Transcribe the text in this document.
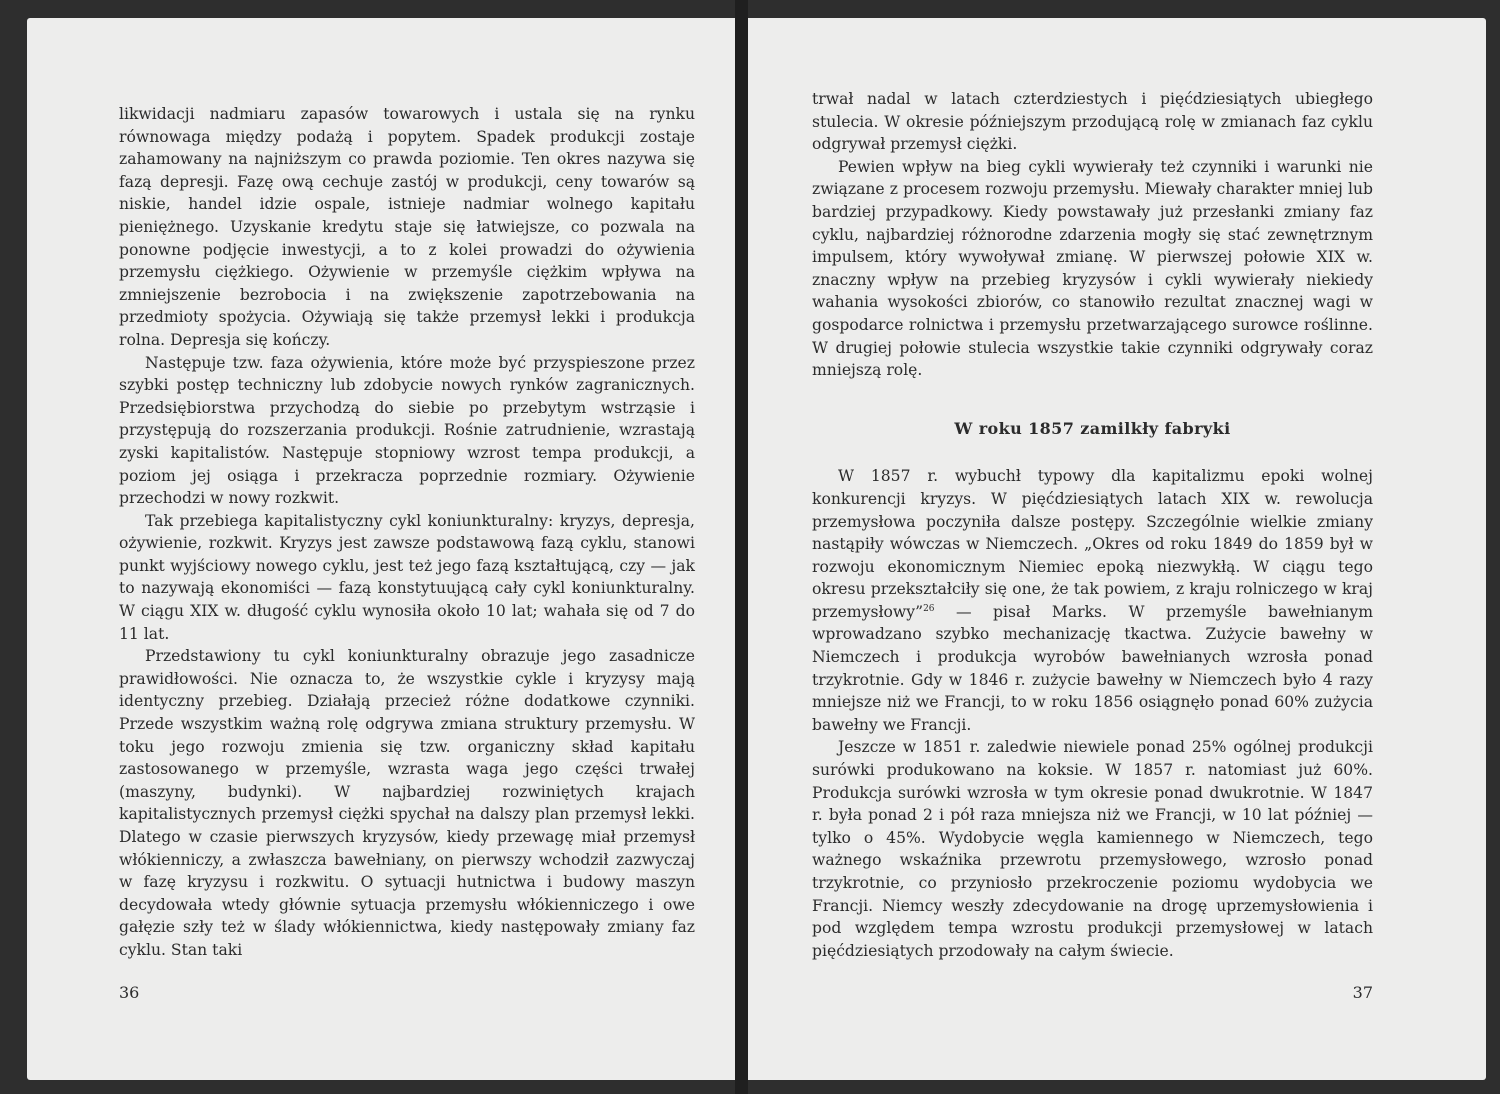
likwidacji nadmiaru zapasów towarowych i ustala się na rynku równowaga między podażą i popytem. Spadek produkcji zostaje zahamowany na najniższym co prawda poziomie. Ten okres nazywa się fazą depresji. Fazę ową cechuje zastój w produkcji, ceny towarów są niskie, handel idzie ospale, istnieje nadmiar wolnego kapitału pieniężnego. Uzyskanie kredytu staje się łatwiejsze, co pozwala na ponowne podjęcie inwestycji, a to z kolei prowadzi do ożywienia przemysłu ciężkiego. Ożywienie w przemyśle ciężkim wpływa na zmniejszenie bezrobocia i na zwiększenie zapotrzebowania na przedmioty spożycia. Ożywiają się także przemysł lekki i produkcja rolna. Depresja się kończy.

Następuje tzw. faza ożywienia, które może być przyspieszone przez szybki postęp techniczny lub zdobycie nowych rynków zagranicznych. Przedsiębiorstwa przychodzą do siebie po przebytym wstrząsie i przystępują do rozszerzania produkcji. Rośnie zatrudnienie, wzrastają zyski kapitalistów. Następuje stopniowy wzrost tempa produkcji, a poziom jej osiąga i przekracza poprzednie rozmiary. Ożywienie przechodzi w nowy rozkwit.

Tak przebiega kapitalistyczny cykl koniunkturalny: kryzys, depresja, ożywienie, rozkwit. Kryzys jest zawsze podstawową fazą cyklu, stanowi punkt wyjściowy nowego cyklu, jest też jego fazą kształtującą, czy — jak to nazywają ekonomiści — fazą konstytuującą cały cykl koniunkturalny. W ciągu XIX w. długość cyklu wynosiła około 10 lat; wahała się od 7 do 11 lat.

Przedstawiony tu cykl koniunkturalny obrazuje jego zasadnicze prawidłowości. Nie oznacza to, że wszystkie cykle i kryzysy mają identyczny przebieg. Działają przecież różne dodatkowe czynniki. Przede wszystkim ważną rolę odgrywa zmiana struktury przemysłu. W toku jego rozwoju zmienia się tzw. organiczny skład kapitału zastosowanego w przemyśle, wzrasta waga jego części trwałej (maszyny, budynki). W najbardziej rozwiniętych krajach kapitalistycznych przemysł ciężki spychał na dalszy plan przemysł lekki. Dlatego w czasie pierwszych kryzysów, kiedy przewagę miał przemysł włókienniczy, a zwłaszcza bawełniany, on pierwszy wchodził zazwyczaj w fazę kryzysu i rozkwitu. O sytuacji hutnictwa i budowy maszyn decydowała wtedy głównie sytuacja przemysłu włókienniczego i owe gałęzie szły też w ślady włókiennictwa, kiedy następowały zmiany faz cyklu. Stan taki

36

trwał nadal w latach czterdziestych i pięćdziesiątych ubiegłego stulecia. W okresie późniejszym przodującą rolę w zmianach faz cyklu odgrywał przemysł ciężki.

Pewien wpływ na bieg cykli wywierały też czynniki i warunki nie związane z procesem rozwoju przemysłu. Miewały charakter mniej lub bardziej przypadkowy. Kiedy powstawały już przesłanki zmiany faz cyklu, najbardziej różnorodne zdarzenia mogły się stać zewnętrznym impulsem, który wywoływał zmianę. W pierwszej połowie XIX w. znaczny wpływ na przebieg kryzysów i cykli wywierały niekiedy wahania wysokości zbiorów, co stanowiło rezultat znacznej wagi w gospodarce rolnictwa i przemysłu przetwarzającego surowce roślinne. W drugiej połowie stulecia wszystkie takie czynniki odgrywały coraz mniejszą rolę.

W roku 1857 zamilkły fabryki

W 1857 r. wybuchł typowy dla kapitalizmu epoki wolnej konkurencji kryzys. W pięćdziesiątych latach XIX w. rewolucja przemysłowa poczyniła dalsze postępy. Szczególnie wielkie zmiany nastąpiły wówczas w Niemczech. „Okres od roku 1849 do 1859 był w rozwoju ekonomicznym Niemiec epoką niezwykłą. W ciągu tego okresu przekształciły się one, że tak powiem, z kraju rolniczego w kraj przemysłowy”$^{26}$ — pisał Marks. W przemyśle bawełnianym wprowadzano szybko mechanizację tkactwa. Zużycie bawełny w Niemczech i produkcja wyrobów bawełnianych wzrosła ponad trzykrotnie. Gdy w 1846 r. zużycie bawełny w Niemczech było 4 razy mniejsze niż we Francji, to w roku 1856 osiągnęło ponad 60% zużycia bawełny we Francji.

Jeszcze w 1851 r. zaledwie niewiele ponad 25% ogólnej produkcji surówki produkowano na koksie. W 1857 r. natomiast już 60%. Produkcja surówki wzrosła w tym okresie ponad dwukrotnie. W 1847 r. była ponad 2 i pół raza mniejsza niż we Francji, w 10 lat później — tylko o 45%. Wydobycie węgla kamiennego w Niemczech, tego ważnego wskaźnika przewrotu przemysłowego, wzrosło ponad trzykrotnie, co przyniosło przekroczenie poziomu wydobycia we Francji. Niemcy weszły zdecydowanie na drogę uprzemysłowienia i pod względem tempa wzrostu produkcji przemysłowej w latach pięćdziesiątych przodowały na całym świecie.

37
